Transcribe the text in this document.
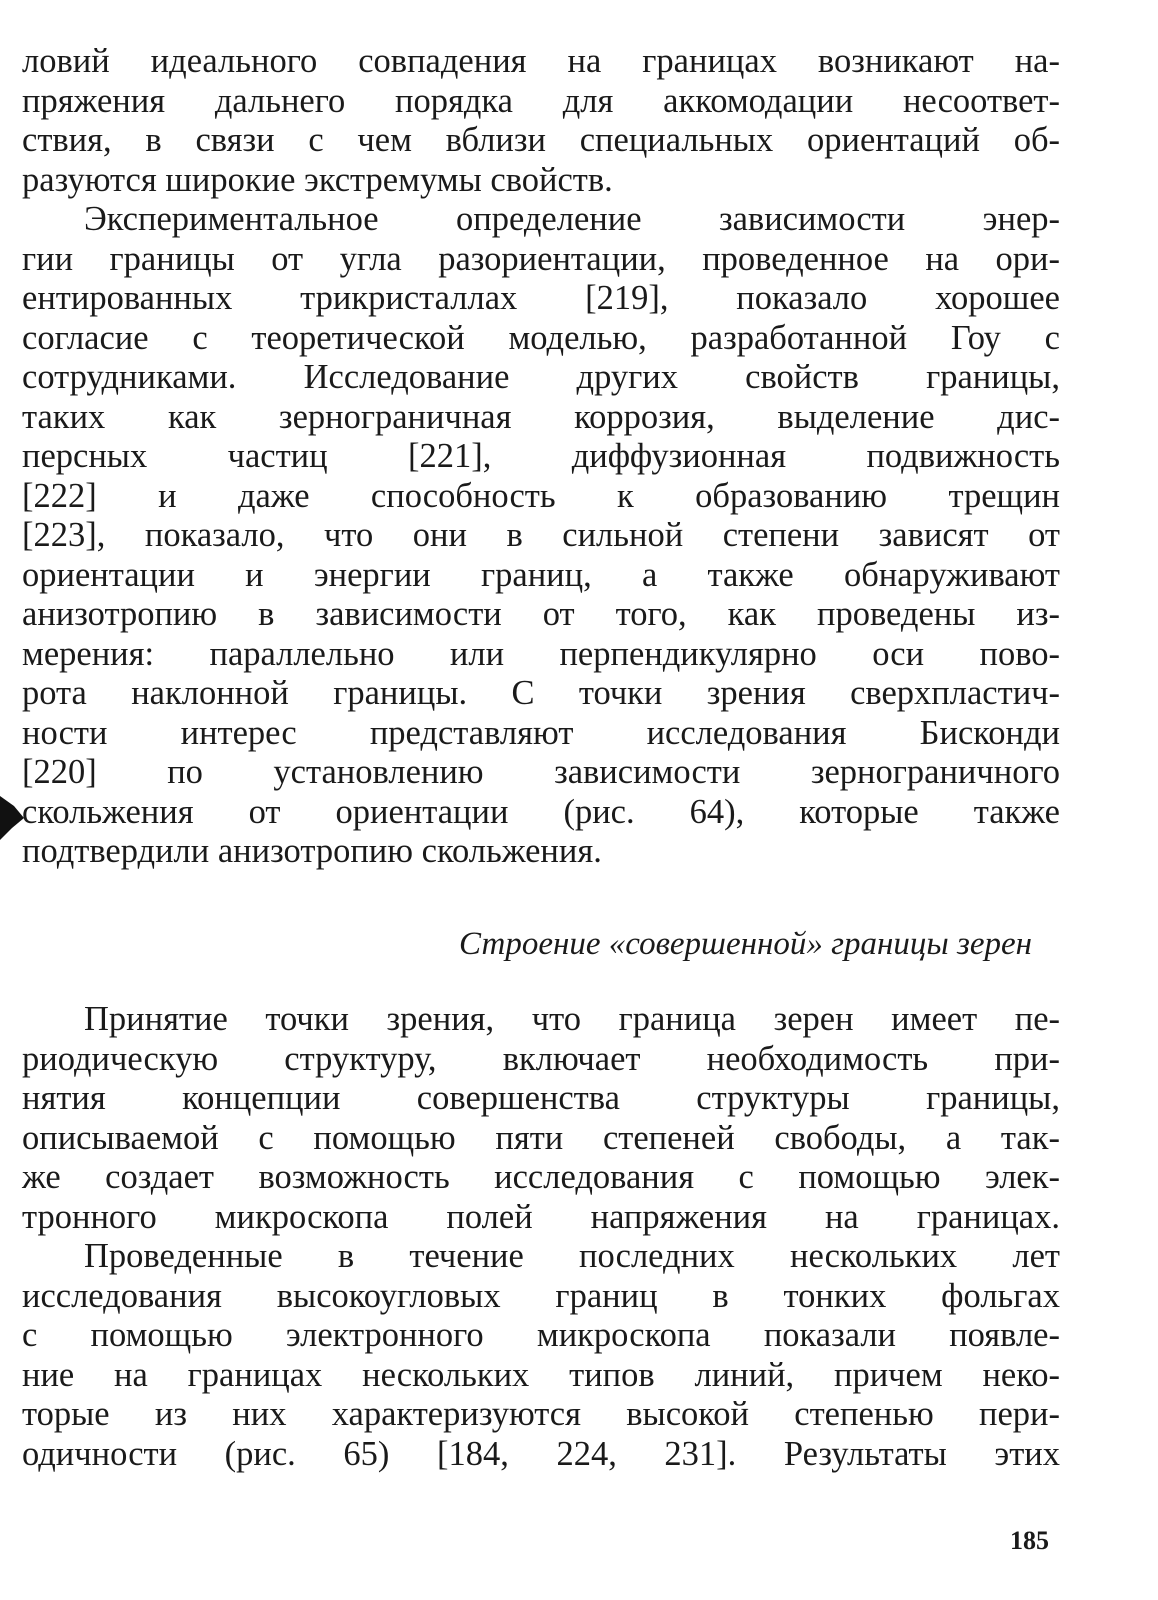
ловий идеального совпадения на границах возникают на-
пряжения дальнего порядка для аккомодации несоответ-
ствия, в связи с чем вблизи специальных ориентаций об-
разуются широкие экстремумы свойств.
Экспериментальное определение зависимости энер-
гии границы от угла разориентации, проведенное на ори-
ентированных трикристаллах [219], показало хорошее
согласие с теоретической моделью, разработанной Гоу с
сотрудниками. Исследование других свойств границы,
таких как зернограничная коррозия, выделение дис-
персных частиц [221], диффузионная подвижность
[222] и даже способность к образованию трещин
[223], показало, что они в сильной степени зависят от
ориентации и энергии границ, а также обнаруживают
анизотропию в зависимости от того, как проведены из-
мерения: параллельно или перпендикулярно оси пово-
рота наклонной границы. С точки зрения сверхпластич-
ности интерес представляют исследования Бисконди
[220] по установлению зависимости зернограничного
скольжения от ориентации (рис. 64), которые также
подтвердили анизотропию скольжения.
Строение «совершенной» границы зерен
Принятие точки зрения, что граница зерен имеет пе-
риодическую структуру, включает необходимость при-
нятия концепции совершенства структуры границы,
описываемой с помощью пяти степеней свободы, а так-
же создает возможность исследования с помощью элек-
тронного микроскопа полей напряжения на границах.
Проведенные в течение последних нескольких лет
исследования высокоугловых границ в тонких фольгах
с помощью электронного микроскопа показали появле-
ние на границах нескольких типов линий, причем неко-
торые из них характеризуются высокой степенью пери-
одичности (рис. 65) [184, 224, 231]. Результаты этих
185
